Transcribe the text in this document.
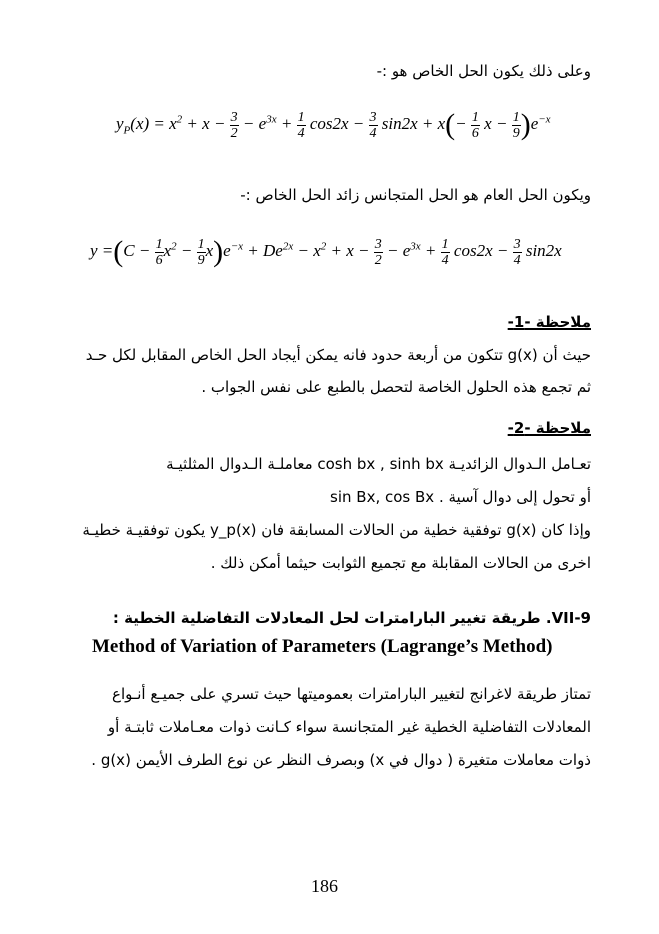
وعلى ذلك يكون الحل الخاص هو :-
$y_P(x) = x^2 + x - \frac{3}{2} - e^{3x} + \frac{1}{4} \cos 2x - \frac{3}{4} \sin 2x + x(- \frac{1}{6}$ $x - \frac{1}{9} )e^{-x}$
ويكون الحل العام هو الحل المتجانس زائد الحل الخاص :-
$y =(C - \frac{1}{6} x^2 - \frac{1}{9} x)e^{-x} + De^{2x} - x^2 + x - \frac{3}{2} - e^{3x} + \frac{1}{4} \cos 2x - \frac{3}{4} \sin 2x$
ملاحظة -1-
حيث أن g(x) تتكون من أربعة حدود فانه يمكن أيجاد الحل الخاص المقابل لكل حـد
ثم تجمع هذه الحلول الخاصة لتحصل بالطبع على نفس الجواب .
ملاحظة -2-
تعـامل الـدوال الزائديـة cosh bx , sinh bx معاملـة الـدوال المثلثيـة
أو تحول إلى دوال آسية . sin Bx, cos Bx
وإذا كان g(x) توفقية خطية من الحالات المسابقة فان y_p(x) يكون توفقيـة خطيـة
اخرى من الحالات المقابلة مع تجميع الثوابت حيثما أمكن ذلك .
VII-9. طريقة تغيير البارامترات لحل المعادلات التفاضلية الخطية :
Method of Variation of Parameters (Lagrange’s Method)
تمتاز طريقة لاغرانج لتغيير البارامترات بعموميتها حيث تسري على جميـع أنـواع
المعادلات التفاضلية الخطية غير المتجانسة سواء كـانت ذوات معـاملات ثابتـة أو
ذوات معاملات متغيرة ( دوال في x) وبصرف النظر عن نوع الطرف الأيمن g(x) .
186
